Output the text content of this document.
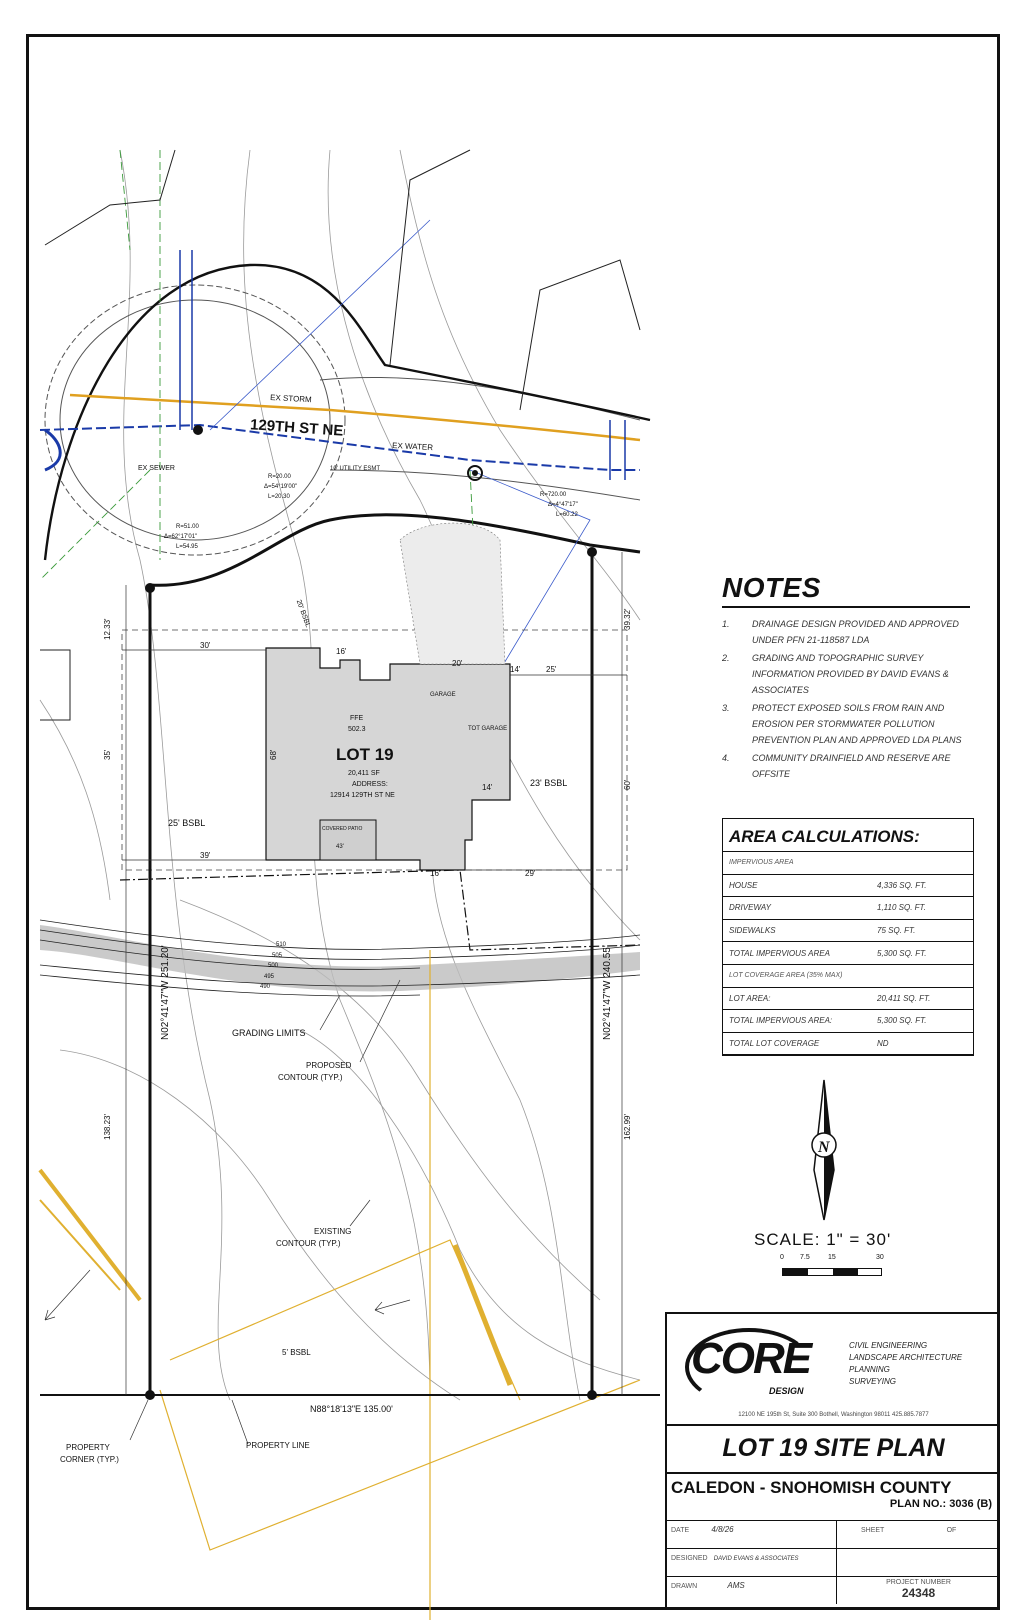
129TH ST NE
LOT 19
20,411 SF
ADDRESS:
12914 129TH ST NE
FFE
502.3
GARAGE
TOT GARAGE
COVERED PATIO
43'
EX STORM
EX WATER
EX SEWER	10' UTILITY ESMT
R=20.00
Δ=54°19'00"
L=20.30
R=51.00
Δ=62°17'01"
L=54.95
R=720.00
Δ=4°47'17"
L=60.22
20' BSBL
25' BSBL
23' BSBL
5' BSBL
N02°41'47"W 251.20'	N02°41'47"W 240.55'
N88°18'13"E 135.00'
16'
20'
14'	25'
14'
16'	29'
30'
39'
68'
35'
60'
138.23'	162.99'
39.32'
12.33'
510
505
500
495
490
GRADING LIMITS
PROPOSED
CONTOUR (TYP.)
EXISTING
CONTOUR (TYP.)
PROPERTY
CORNER (TYP.)
PROPERTY LINE
N
NOTES
1.	DRAINAGE DESIGN PROVIDED AND APPROVED UNDER PFN 21-118587 LDA
2.	GRADING AND TOPOGRAPHIC SURVEY INFORMATION PROVIDED BY DAVID EVANS & ASSOCIATES
3.	PROTECT EXPOSED SOILS FROM RAIN AND EROSION PER STORMWATER POLLUTION PREVENTION PLAN AND APPROVED LDA PLANS
4.	COMMUNITY DRAINFIELD AND RESERVE ARE OFFSITE
AREA CALCULATIONS:
IMPERVIOUS AREA	
HOUSE	4,336 SQ. FT.
DRIVEWAY	1,110 SQ. FT.
SIDEWALKS	75 SQ. FT.
TOTAL IMPERVIOUS AREA	5,300 SQ. FT.
LOT COVERAGE AREA (35% MAX)	
LOT AREA:	20,411 SQ. FT.
TOTAL IMPERVIOUS AREA:	5,300 SQ. FT.
TOTAL LOT COVERAGE	ND
SCALE: 1" = 30'
0 7.5	15	30
CORE
DESIGN
CIVIL ENGINEERING
LANDSCAPE ARCHITECTURE
PLANNING
SURVEYING
12100 NE 195th St, Suite 300 Bothell, Washington 98011 425.885.7877
LOT 19 SITE PLAN
CALEDON - SNOHOMISH COUNTY
PLAN NO.: 3036 (B)
DATE	4/8/26	SHEET	OF
DESIGNED DAVID EVANS & ASSOCIATES
DRAWN	AMS	PROJECT NUMBER
24348
